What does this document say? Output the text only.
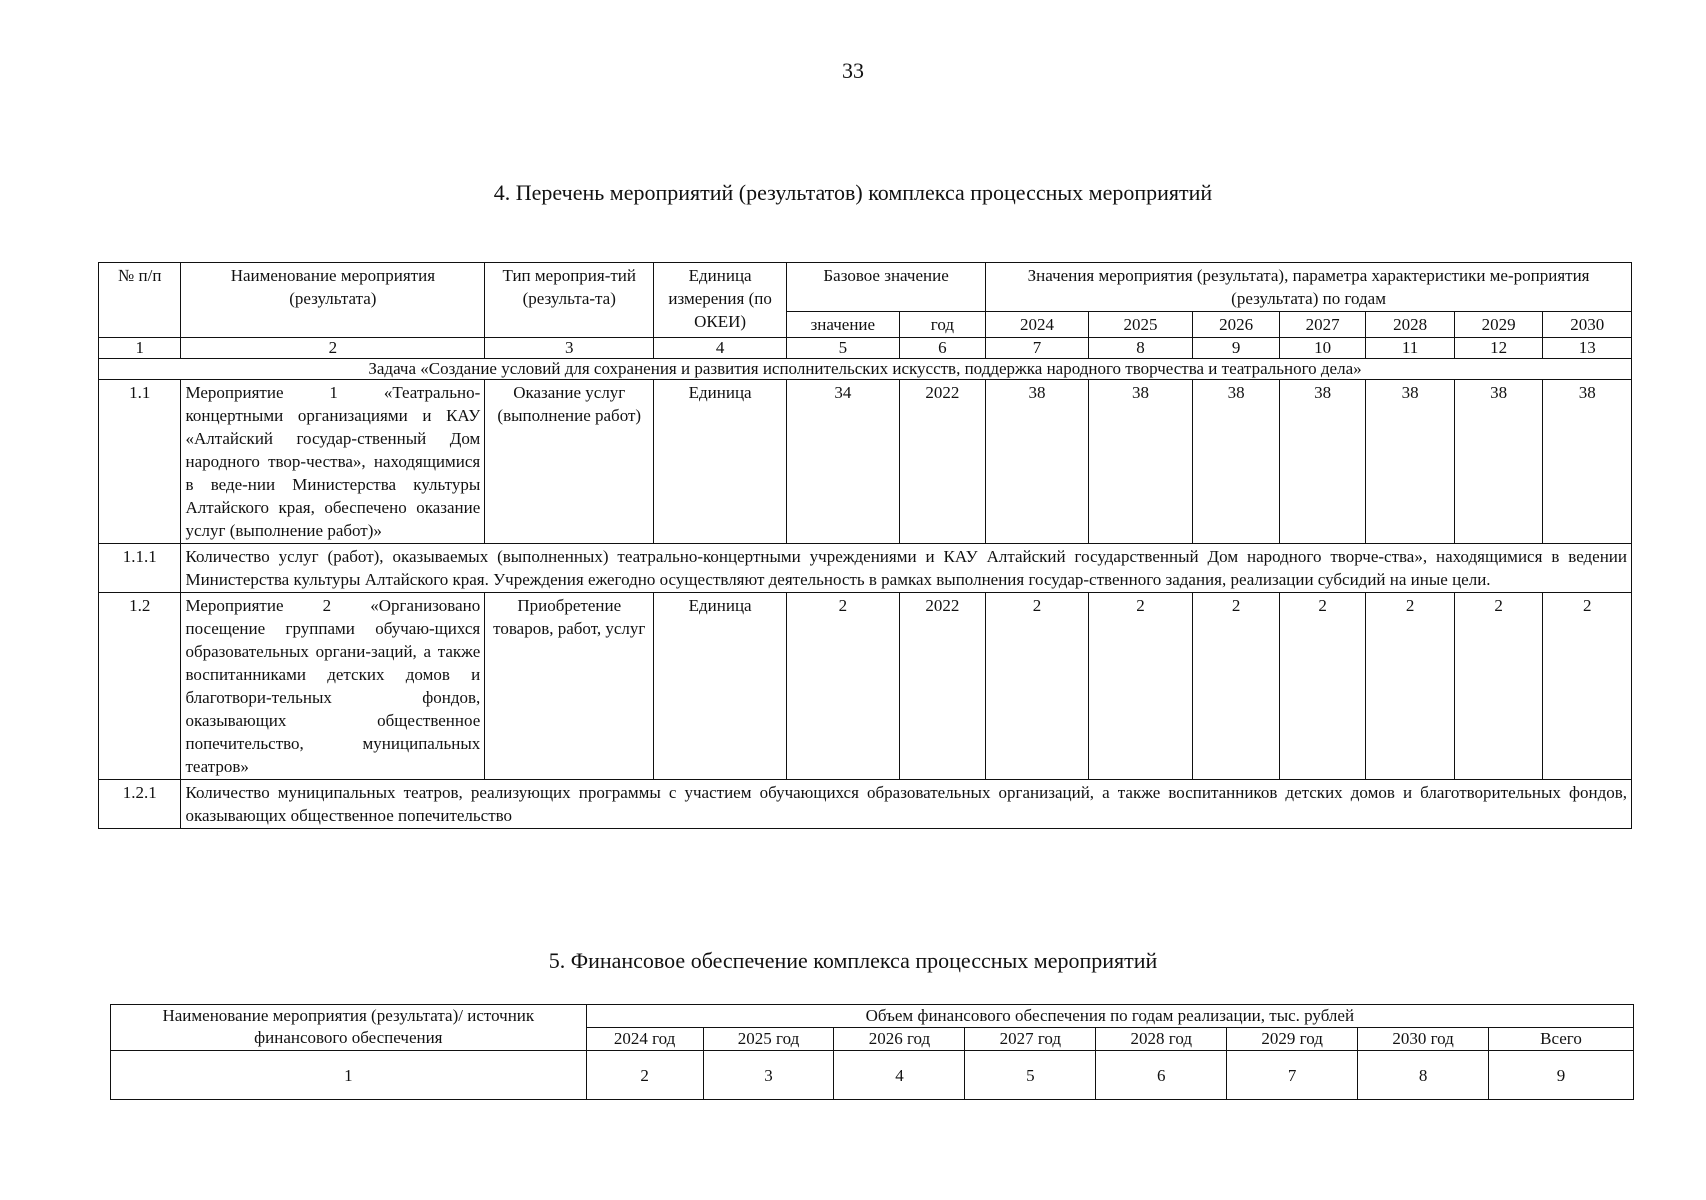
33
4. Перечень мероприятий (результатов) комплекса процессных мероприятий
№ п/п	Наименование мероприятия (результата)	Тип мероприя-тий (результа-та)	Единица измерения (по ОКЕИ)	Базовое значение		Значения мероприятия (результата), параметра характеристики ме-роприятия (результата) по годам						
				значение	год	2024	2025	2026	2027	2028	2029	2030
1	2	3	4	5	6	7	8	9	10	11	12	13
Задача «Создание условий для сохранения и развития исполнительских искусств, поддержка народного творчества и театрального дела»												
1.1	Мероприятие 1 «Театрально-концертными организациями и КАУ «Алтайский государ-ственный Дом народного твор-чества», находящимися в веде-нии Министерства культуры Алтайского края, обеспечено оказание услуг (выполнение работ)»	Оказание услуг (выполнение работ)	Единица	34	2022	38	38	38	38	38	38	38
1.1.1	Количество услуг (работ), оказываемых (выполненных) театрально-концертными учреждениями и КАУ Алтайский государственный Дом народного творче-ства», находящимися в ведении Министерства культуры Алтайского края. Учреждения ежегодно осуществляют деятельность в рамках выполнения государ-ственного задания, реализации субсидий на иные цели.											
1.2	Мероприятие 2 «Организовано посещение группами обучаю-щихся образовательных органи-заций, а также воспитанниками детских домов и благотвори-тельных фондов, оказывающих общественное попечительство, муниципальных театров»	Приобретение товаров, работ, услуг	Единица	2	2022	2	2	2	2	2	2	2
1.2.1	Количество муниципальных театров, реализующих программы с участием обучающихся образовательных организаций, а также воспитанников детских домов и благотворительных фондов, оказывающих общественное попечительство											
5. Финансовое обеспечение комплекса процессных мероприятий
Наименование мероприятия (результата)/ источник финансового обеспечения	Объем финансового обеспечения по годам реализации, тыс. рублей							
	2024 год	2025 год	2026 год	2027 год	2028 год	2029 год	2030 год	Всего
1	2	3	4	5	6	7	8	9
